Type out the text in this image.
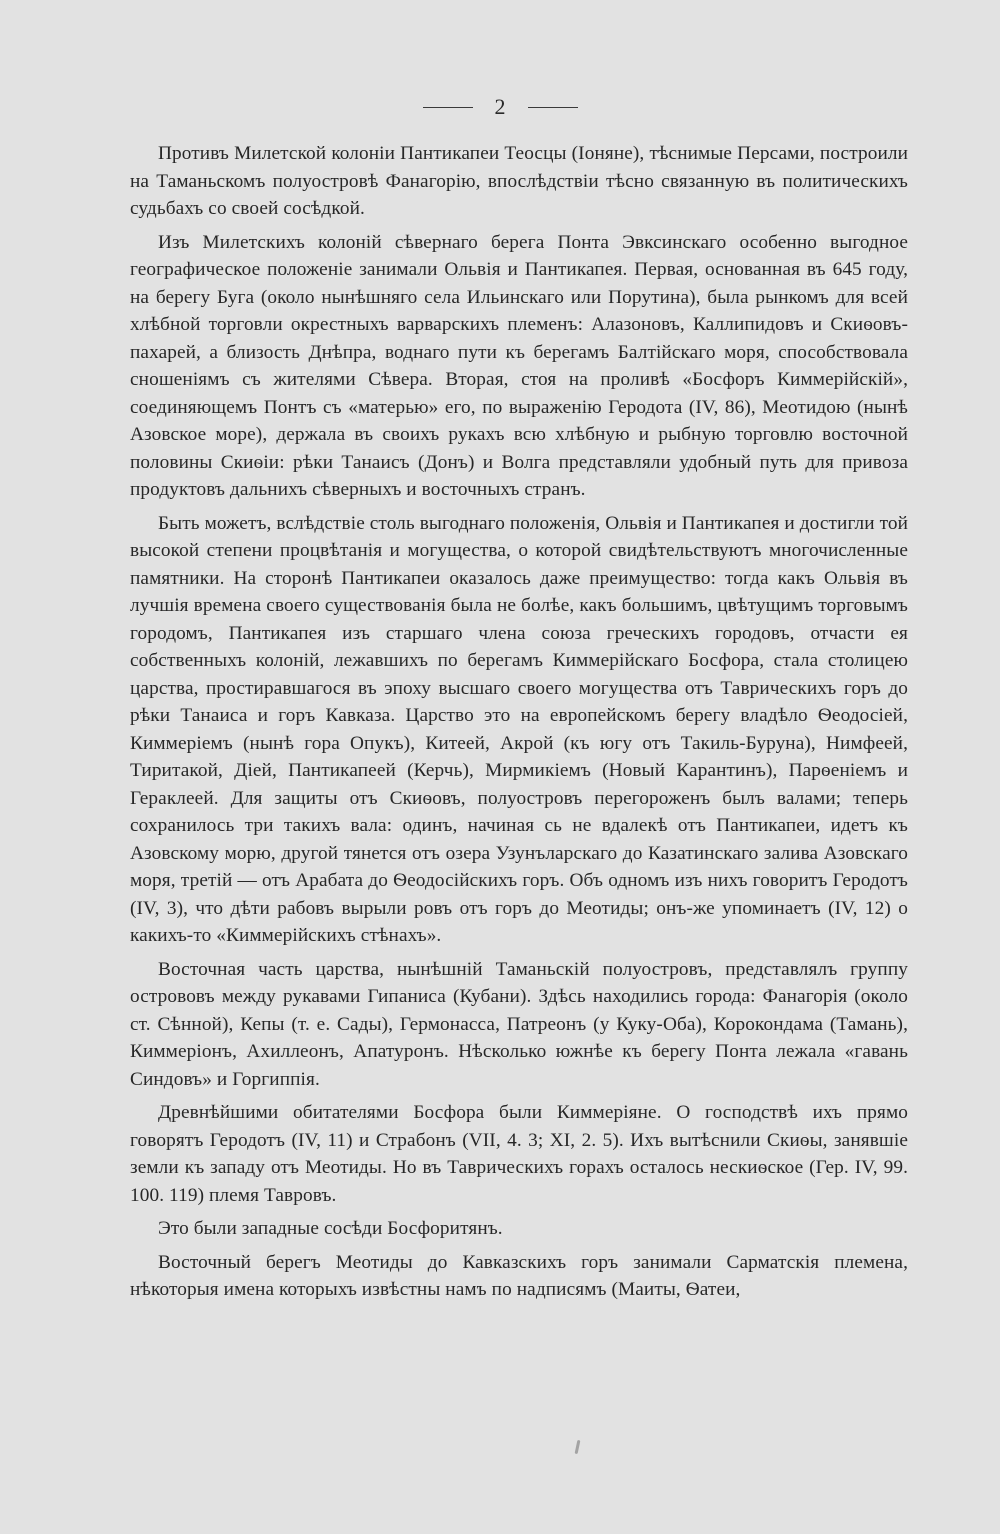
2

Противъ Милетской колоніи Пантикапеи Теосцы (Іоняне), тѣснимые Персами, построили на Таманьскомъ полуостровѣ Фанагорію, впослѣдствіи тѣсно связанную въ политическихъ судьбахъ со своей сосѣдкой.

Изъ Милетскихъ колоній сѣвернаго берега Понта Эвксинскаго особенно выгодное географическое положеніе занимали Ольвія и Пантикапея. Первая, основанная въ 645 году, на берегу Буга (около нынѣшняго села Ильинскаго или Порутина), была рынкомъ для всей хлѣбной торговли окрестныхъ варварскихъ племенъ: Алазоновъ, Каллипидовъ и Скиѳовъ-пахарей, а близость Днѣпра, воднаго пути къ берегамъ Балтійскаго моря, способствовала сношеніямъ съ жителями Сѣвера. Вторая, стоя на проливѣ «Босфоръ Киммерійскій», соединяющемъ Понтъ съ «матерью» его, по выраженію Геродота (IV, 86), Меотидою (нынѣ Азовское море), держала въ своихъ рукахъ всю хлѣбную и рыбную торговлю восточной половины Скиѳіи: рѣки Танаисъ (Донъ) и Волга представляли удобный путь для привоза продуктовъ дальнихъ сѣверныхъ и восточныхъ странъ.

Быть можетъ, вслѣдствіе столь выгоднаго положенія, Ольвія и Пантикапея и достигли той высокой степени процвѣтанія и могущества, о которой свидѣтельствуютъ многочисленные памятники. На сторонѣ Пантикапеи оказалось даже преимущество: тогда какъ Ольвія въ лучшія времена своего существованія была не болѣе, какъ большимъ, цвѣтущимъ торговымъ городомъ, Пантикапея изъ старшаго члена союза греческихъ городовъ, отчасти ея собственныхъ колоній, лежавшихъ по берегамъ Киммерійскаго Босфора, стала столицею царства, простиравшагося въ эпоху высшаго своего могущества отъ Таврическихъ горъ до рѣки Танаиса и горъ Кавказа. Царство это на европейскомъ берегу владѣло Ѳеодосіей, Киммеріемъ (нынѣ гора Опукъ), Китеей, Акрой (къ югу отъ Такиль-Буруна), Нимфеей, Тиритакой, Діей, Пантикапеей (Керчь), Мирмикіемъ (Новый Карантинъ), Парѳеніемъ и Гераклеей. Для защиты отъ Скиѳовъ, полуостровъ перегороженъ былъ валами; теперь сохранилось три такихъ вала: одинъ, начиная сь не вдалекѣ отъ Пантикапеи, идетъ къ Азовскому морю, другой тянется отъ озера Узунъларскаго до Казатинскаго залива Азовскаго моря, третій — отъ Арабата до Ѳеодосійскихъ горъ. Объ одномъ изъ нихъ говоритъ Геродотъ (IV, 3), что дѣти рабовъ вырыли ровъ отъ горъ до Меотиды; онъ-же упоминаетъ (IV, 12) о какихъ-то «Киммерійскихъ стѣнахъ».

Восточная часть царства, нынѣшній Таманьскій полуостровъ, представлялъ группу острововъ между рукавами Гипаниса (Кубани). Здѣсь находились города: Фанагорія (около ст. Сѣнной), Кепы (т. е. Сады), Гермонасса, Патреонъ (у Куку-Оба), Корокондама (Тамань), Киммеріонъ, Ахиллеонъ, Апатуронъ. Нѣсколько южнѣе къ берегу Понта лежала «гавань Синдовъ» и Горгиппія.

Древнѣйшими обитателями Босфора были Киммеріяне. О господствѣ ихъ прямо говорятъ Геродотъ (IV, 11) и Страбонъ (VII, 4. 3; XI, 2. 5). Ихъ вытѣснили Скиѳы, занявшіе земли къ западу отъ Меотиды. Но въ Таврическихъ горахъ осталось нескиѳское (Гер. IV, 99. 100. 119) племя Тавровъ.

Это были западные сосѣди Босфоритянъ.

Восточный берегъ Меотиды до Кавказскихъ горъ занимали Сарматскія племена, нѣкоторыя имена которыхъ извѣстны намъ по надписямъ (Маиты, Ѳатеи,
